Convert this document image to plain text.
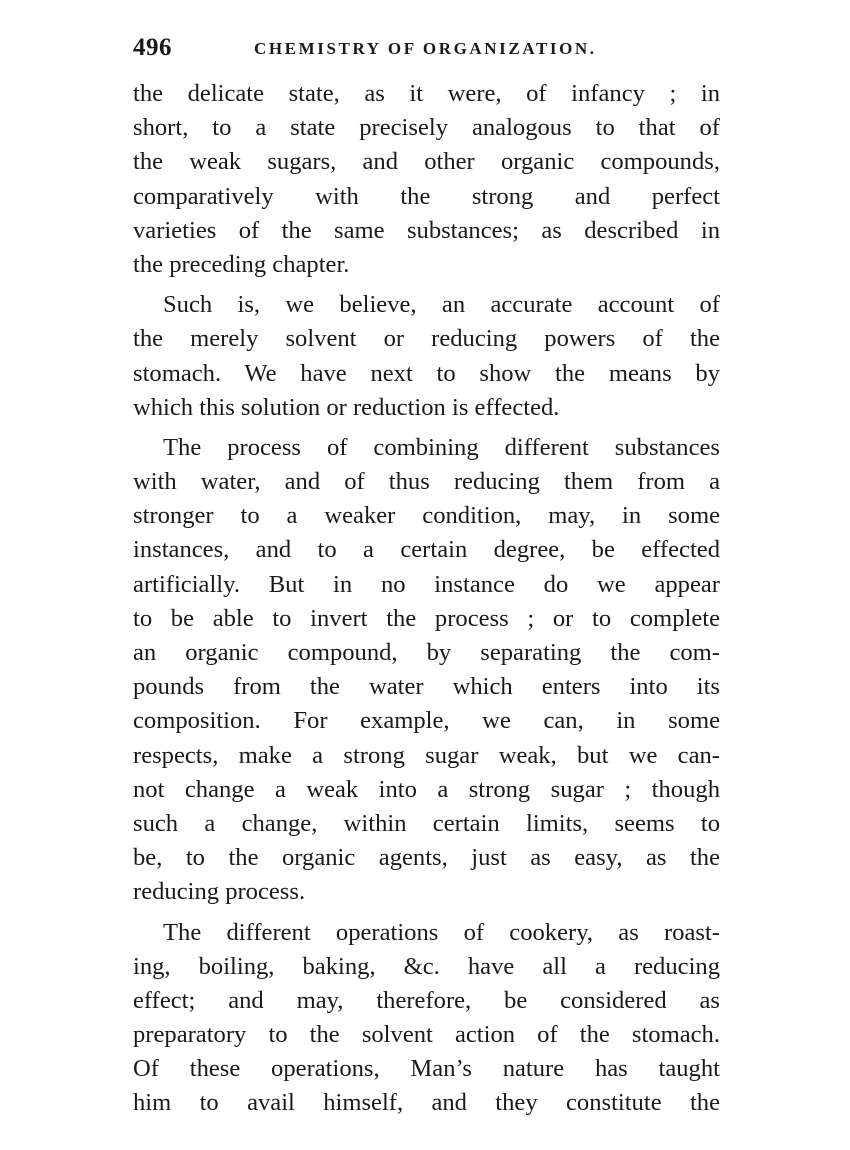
496	CHEMISTRY OF ORGANIZATION.
the delicate state, as it were, of infancy ; in
short, to a state precisely analogous to that of
the weak sugars, and other organic compounds,
comparatively with the strong and perfect
varieties of the same substances; as described in
the preceding chapter.
Such is, we believe, an accurate account of
the merely solvent or reducing powers of the
stomach. We have next to show the means by
which this solution or reduction is effected.
The process of combining different substances
with water, and of thus reducing them from a
stronger to a weaker condition, may, in some
instances, and to a certain degree, be effected
artificially. But in no instance do we appear
to be able to invert the process ; or to complete
an organic compound, by separating the com-
pounds from the water which enters into its
composition. For example, we can, in some
respects, make a strong sugar weak, but we can-
not change a weak into a strong sugar ; though
such a change, within certain limits, seems to
be, to the organic agents, just as easy, as the
reducing process.
The different operations of cookery, as roast-
ing, boiling, baking, &c. have all a reducing
effect; and may, therefore, be considered as
preparatory to the solvent action of the stomach.
Of these operations, Man’s nature has taught
him to avail himself, and they constitute the
